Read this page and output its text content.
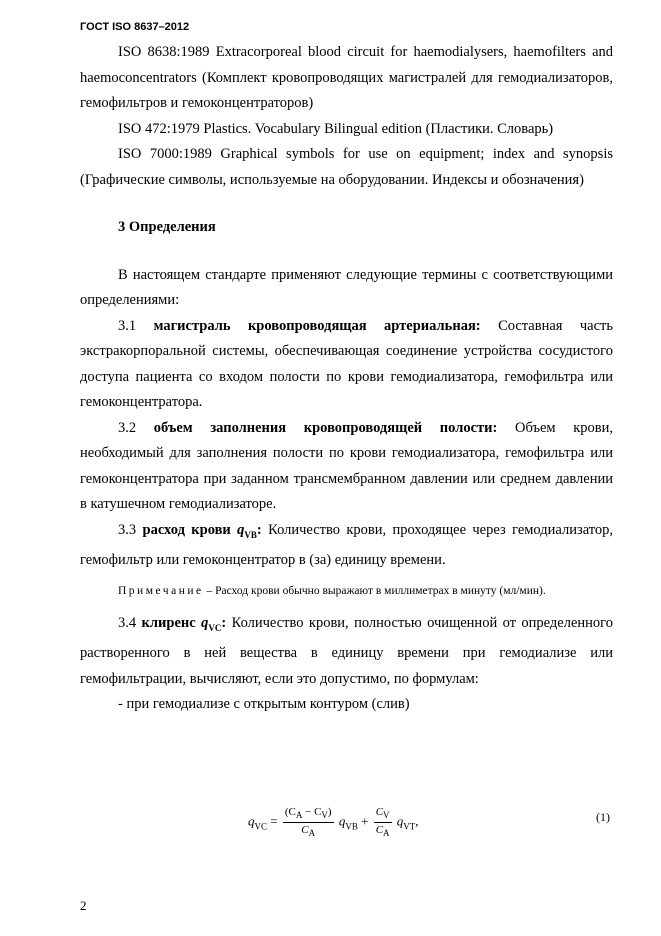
ГОСТ ISO 8637–2012

ISO 8638:1989 Extracorporeal blood circuit for haemodialysers, haemofilters and haemoconcentrators (Комплект кровопроводящих магистралей для гемодиализаторов, гемофильтров и гемоконцентраторов)

ISO 472:1979 Plastics. Vocabulary Bilingual edition (Пластики. Словарь)

ISO 7000:1989 Graphical symbols for use on equipment; index and synopsis (Графические символы, используемые на оборудовании. Индексы и обозначения)

3 Определения

В настоящем стандарте применяют следующие термины с соответствующими определениями:

3.1 магистраль кровопроводящая артериальная: Составная часть экстракорпоральной системы, обеспечивающая соединение устройства сосудистого доступа пациента со входом полости по крови гемодиализатора, гемофильтра или гемоконцентратора.

3.2 объем заполнения кровопроводящей полости: Объем крови, необходимый для заполнения полости по крови гемодиализатора, гемофильтра или гемоконцентратора при заданном трансмембранном давлении или среднем давлении в катушечном гемодиализаторе.

3.3 расход крови $q_{VB}$: Количество крови, проходящее через гемодиализатор, гемофильтр или гемоконцентратор в (за) единицу времени.

Примечание – Расход крови обычно выражают в миллиметрах в минуту (мл/мин).

3.4 клиренс $q_{VC}$: Количество крови, полностью очищенной от определенного растворенного в ней вещества в единицу времени при гемодиализе или гемофильтрации, вычисляют, если это допустимо, по формулам:

- при гемодиализе с открытым контуром (слив)

$q_{VC} = \frac{(C_A - C_V)}{C_A} q_{VB} + \frac{C_V}{C_A} q_{VT}$,	(1)
2
